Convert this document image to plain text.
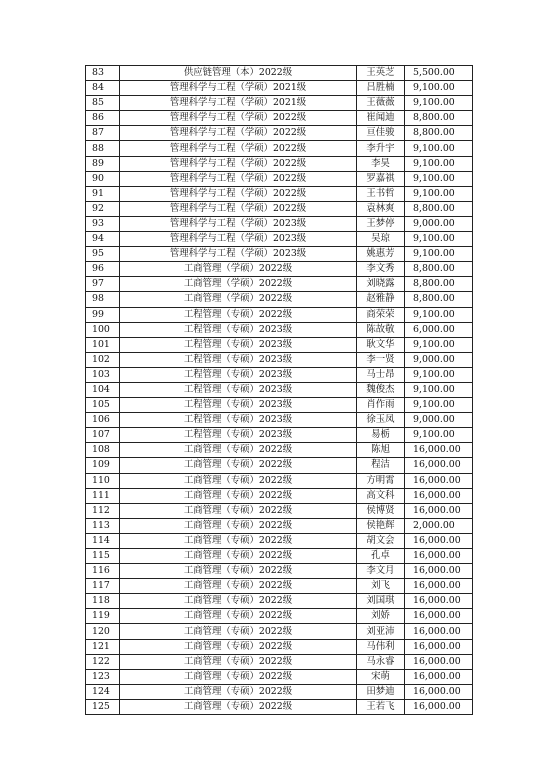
83	供应链管理（本）2022级	王英芝	5,500.00
84	管理科学与工程（学硕）2021级	吕胜楠	9,100.00
85	管理科学与工程（学硕）2021级	王薇薇	9,100.00
86	管理科学与工程（学硕）2022级	崔闻迪	8,800.00
87	管理科学与工程（学硕）2022级	亘佳骏	8,800.00
88	管理科学与工程（学硕）2022级	李升宇	9,100.00
89	管理科学与工程（学硕）2022级	李昊	9,100.00
90	管理科学与工程（学硕）2022级	罗嘉祺	9,100.00
91	管理科学与工程（学硕）2022级	王书哲	9,100.00
92	管理科学与工程（学硕）2022级	袁林爽	8,800.00
93	管理科学与工程（学硕）2023级	王梦停	9,000.00
94	管理科学与工程（学硕）2023级	吴琼	9,100.00
95	管理科学与工程（学硕）2023级	姚惠芳	9,100.00
96	工商管理（学硕）2022级	李文秀	8,800.00
97	工商管理（学硕）2022级	刘晓露	8,800.00
98	工商管理（学硕）2022级	赵雅静	8,800.00
99	工程管理（专硕）2022级	商荣荣	9,100.00
100	工程管理（专硕）2023级	陈故敬	6,000.00
101	工程管理（专硕）2023级	耿文华	9,100.00
102	工程管理（专硕）2023级	李一贤	9,000.00
103	工程管理（专硕）2023级	马士昂	9,100.00
104	工程管理（专硕）2023级	魏俊杰	9,100.00
105	工程管理（专硕）2023级	肖作雨	9,100.00
106	工程管理（专硕）2023级	徐玉凤	9,000.00
107	工程管理（专硕）2023级	易栃	9,100.00
108	工商管理（专硕）2022级	陈旭	16,000.00
109	工商管理（专硕）2022级	程洁	16,000.00
110	工商管理（专硕）2022级	方明霄	16,000.00
111	工商管理（专硕）2022级	高文科	16,000.00
112	工商管理（专硕）2022级	侯博贤	16,000.00
113	工商管理（专硕）2022级	侯艳辉	2,000.00
114	工商管理（专硕）2022级	胡文会	16,000.00
115	工商管理（专硕）2022级	孔卓	16,000.00
116	工商管理（专硕）2022级	李文月	16,000.00
117	工商管理（专硕）2022级	刘飞	16,000.00
118	工商管理（专硕）2022级	刘国琪	16,000.00
119	工商管理（专硕）2022级	刘娇	16,000.00
120	工商管理（专硕）2022级	刘亚沛	16,000.00
121	工商管理（专硕）2022级	马伟利	16,000.00
122	工商管理（专硕）2022级	马永睿	16,000.00
123	工商管理（专硕）2022级	宋萌	16,000.00
124	工商管理（专硕）2022级	田梦迪	16,000.00
125	工商管理（专硕）2022级	王若飞	16,000.00
